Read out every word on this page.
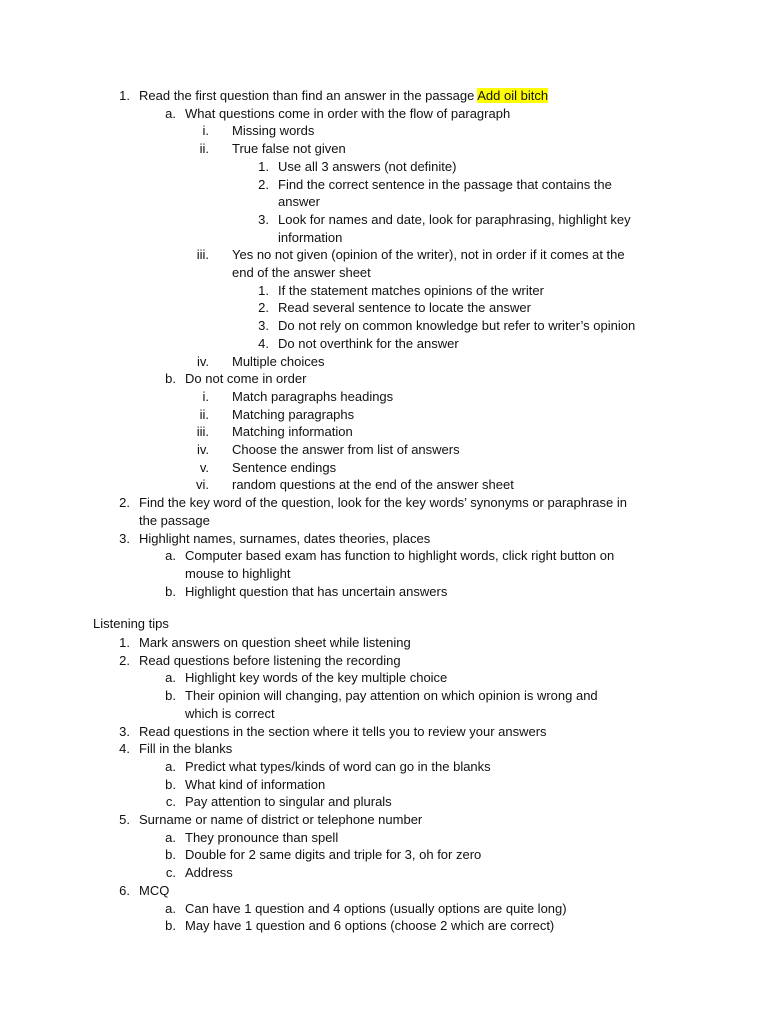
1. Read the first question than find an answer in the passage Add oil bitch
a. What questions come in order with the flow of paragraph
i. Missing words
ii. True false not given
1. Use all 3 answers (not definite)
2. Find the correct sentence in the passage that contains the
answer
3. Look for names and date, look for paraphrasing, highlight key
information
iii. Yes no not given (opinion of the writer), not in order if it comes at the
end of the answer sheet
1. If the statement matches opinions of the writer
2. Read several sentence to locate the answer
3. Do not rely on common knowledge but refer to writer’s opinion
4. Do not overthink for the answer
iv. Multiple choices
b. Do not come in order
i. Match paragraphs headings
ii. Matching paragraphs
iii. Matching information
iv. Choose the answer from list of answers
v. Sentence endings
vi. random questions at the end of the answer sheet
2. Find the key word of the question, look for the key words’ synonyms or paraphrase in
the passage
3. Highlight names, surnames, dates theories, places
a. Computer based exam has function to highlight words, click right button on
mouse to highlight
b. Highlight question that has uncertain answers
Listening tips
1. Mark answers on question sheet while listening
2. Read questions before listening the recording
a. Highlight key words of the key multiple choice
b. Their opinion will changing, pay attention on which opinion is wrong and
which is correct
3. Read questions in the section where it tells you to review your answers
4. Fill in the blanks
a. Predict what types/kinds of word can go in the blanks
b. What kind of information
c. Pay attention to singular and plurals
5. Surname or name of district or telephone number
a. They pronounce than spell
b. Double for 2 same digits and triple for 3, oh for zero
c. Address
6. MCQ
a. Can have 1 question and 4 options (usually options are quite long)
b. May have 1 question and 6 options (choose 2 which are correct)
